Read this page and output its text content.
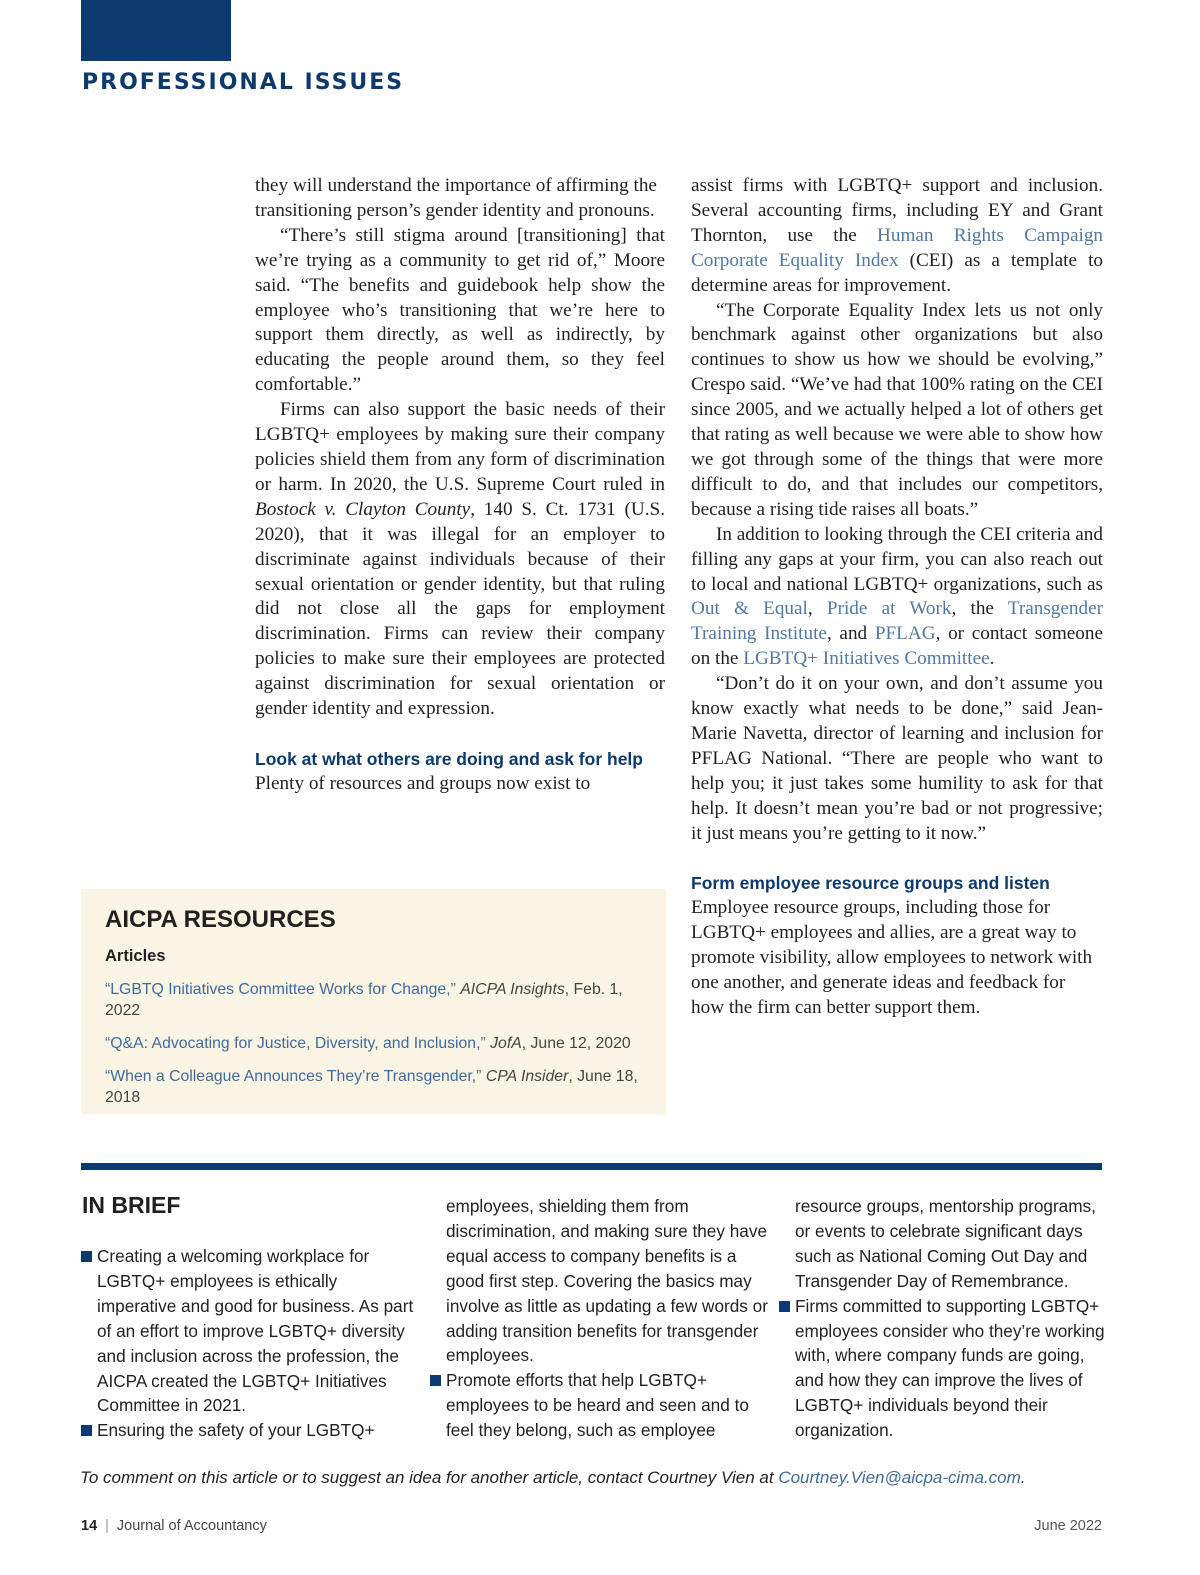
PROFESSIONAL ISSUES

they will understand the importance of affirming the transitioning person’s gender identity and pronouns.

“There’s still stigma around [transitioning] that we’re trying as a community to get rid of,” Moore said. “The benefits and guidebook help show the employee who’s transitioning that we’re here to support them directly, as well as indirectly, by educating the people around them, so they feel comfortable.”

Firms can also support the basic needs of their LGBTQ+ employees by making sure their company policies shield them from any form of discrimination or harm. In 2020, the U.S. Supreme Court ruled in Bostock v. Clayton County, 140 S. Ct. 1731 (U.S. 2020), that it was illegal for an employer to discriminate against individuals because of their sexual orientation or gender identity, but that ruling did not close all the gaps for employment discrimination. Firms can review their company policies to make sure their employees are protected against discrimination for sexual orientation or gender identity and expression.

Look at what others are doing and ask for help

Plenty of resources and groups now exist to

assist firms with LGBTQ+ support and inclusion. Several accounting firms, including EY and Grant Thornton, use the Human Rights Campaign Corporate Equality Index (CEI) as a template to determine areas for improvement.

“The Corporate Equality Index lets us not only benchmark against other organizations but also continues to show us how we should be evolving,” Crespo said. “We’ve had that 100% rating on the CEI since 2005, and we actually helped a lot of others get that rating as well because we were able to show how we got through some of the things that were more difficult to do, and that includes our competitors, because a rising tide raises all boats.”

In addition to looking through the CEI criteria and filling any gaps at your firm, you can also reach out to local and national LGBTQ+ organizations, such as Out & Equal, Pride at Work, the Transgender Training Institute, and PFLAG, or contact someone on the LGBTQ+ Initiatives Committee.

“Don’t do it on your own, and don’t assume you know exactly what needs to be done,” said Jean-Marie Navetta, director of learning and inclusion for PFLAG National. “There are people who want to help you; it just takes some humility to ask for that help. It doesn’t mean you’re bad or not progressive; it just means you’re getting to it now.”

Form employee resource groups and listen

Employee resource groups, including those for LGBTQ+ employees and allies, are a great way to promote visibility, allow employees to network with one another, and generate ideas and feedback for how the firm can better support them.

AICPA RESOURCES
Articles

“LGBTQ Initiatives Committee Works for Change,” AICPA Insights, Feb. 1, 2022

“Q&A: Advocating for Justice, Diversity, and Inclusion,” JofA, June 12, 2020

“When a Colleague Announces They’re Transgender,” CPA Insider, June 18, 2018

IN BRIEF

Creating a welcoming workplace for LGBTQ+ employees is ethically imperative and good for business. As part of an effort to improve LGBTQ+ diversity and inclusion across the profession, the AICPA created the LGBTQ+ Initiatives Committee in 2021.

Ensuring the safety of your LGBTQ+

employees, shielding them from discrimination, and making sure they have equal access to company benefits is a good first step. Covering the basics may involve as little as updating a few words or adding transition benefits for transgender employees.

Promote efforts that help LGBTQ+ employees to be heard and seen and to feel they belong, such as employee

resource groups, mentorship programs, or events to celebrate significant days such as National Coming Out Day and Transgender Day of Remembrance.

Firms committed to supporting LGBTQ+ employees consider who they’re working with, where company funds are going, and how they can improve the lives of LGBTQ+ individuals beyond their organization.

To comment on this article or to suggest an idea for another article, contact Courtney Vien at Courtney.Vien@aicpa-cima.com.

14 | Journal of Accountancy	June 2022
